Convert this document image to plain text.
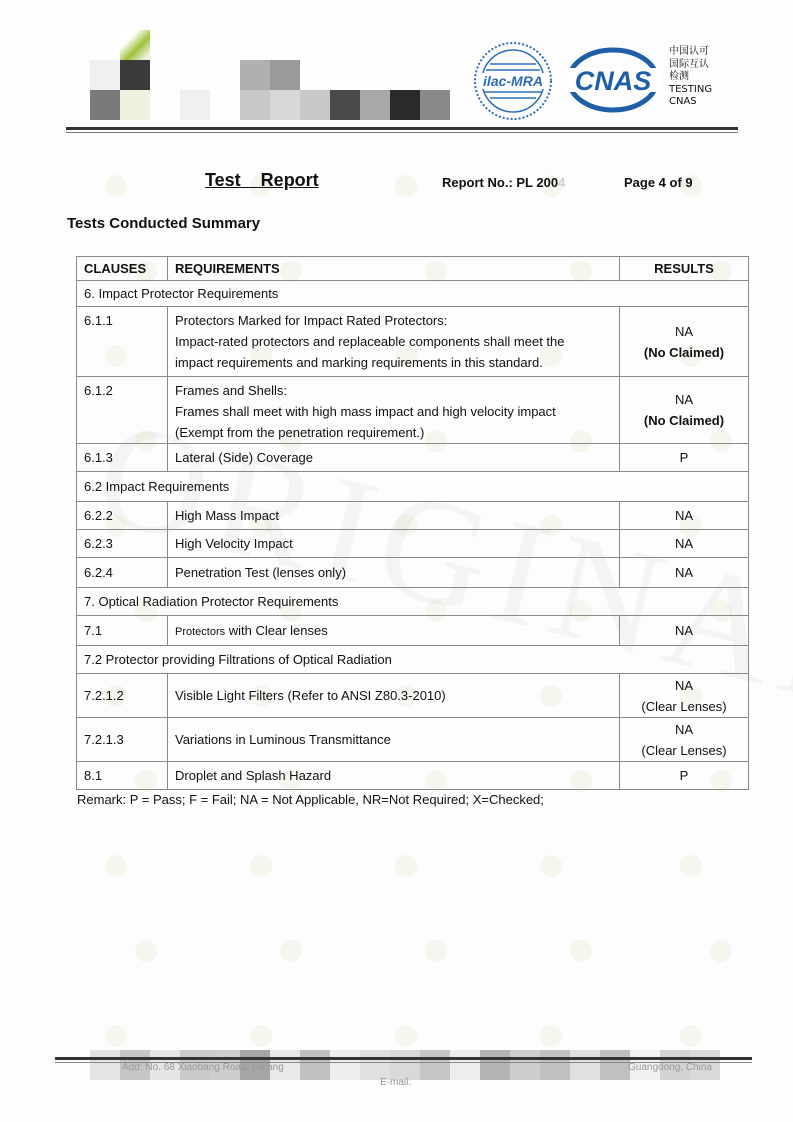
ilac-MRA CNAS
中国认可
国际互认
检测
TESTING
CNAS
Test    Report	Report No.: PL 2004	Page 4 of 9
Tests Conducted Summary
CLAUSES	REQUIREMENTS	RESULTS
6. Impact Protector Requirements		
6.1.1	Protectors Marked for Impact Rated Protectors:
Impact-rated protectors and replaceable components shall meet the
impact requirements and marking requirements in this standard.	NA
(No Claimed)

6.1.2	Frames and Shells:
Frames shall meet with high mass impact and high velocity impact
(Exempt from the penetration requirement.)	NA
(No Claimed)

6.1.3	Lateral (Side) Coverage	P

6.2 Impact Requirements		
6.2.2	High Mass Impact	NA

6.2.3	High Velocity Impact	NA

6.2.4	Penetration Test (lenses only)	NA

7. Optical Radiation Protector Requirements		
7.1	Protectors with Clear lenses	NA

7.2 Protector providing Filtrations of Optical Radiation		
7.2.1.2	Visible Light Filters (Refer to ANSI Z80.3-2010)	NA
(Clear Lenses)

7.2.1.3	Variations in Luminous Transmittance	NA
(Clear Lenses)

8.1	Droplet and Splash Hazard	P
Remark: P = Pass; F = Fail; NA = Not Applicable, NR=Not Required; X=Checked;
Add: No. 68 Xiaobang Road, Dalang	Guangdong, China
E-mail:
